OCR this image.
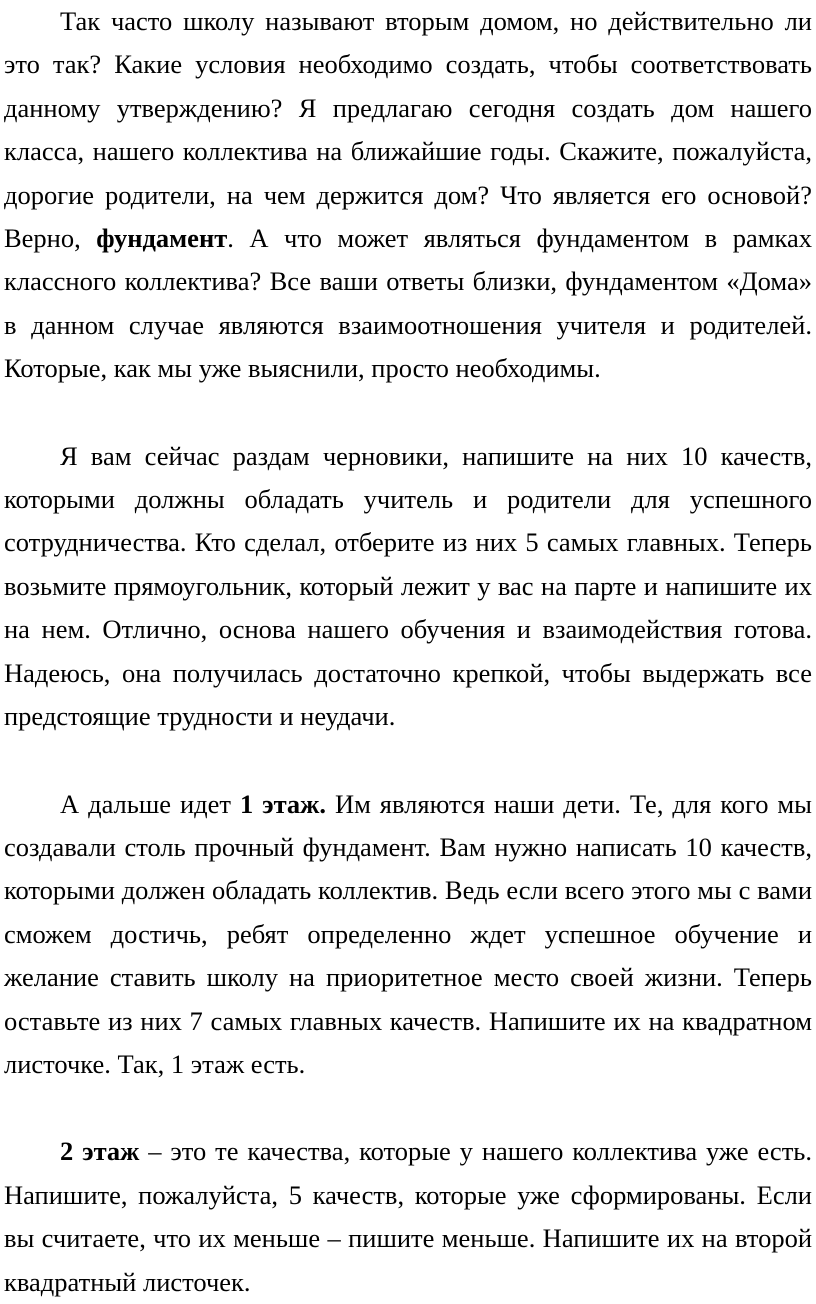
Так часто школу называют вторым домом, но действительно ли это так? Какие условия необходимо создать, чтобы соответствовать данному утверждению? Я предлагаю сегодня создать дом нашего класса, нашего коллектива на ближайшие годы. Скажите, пожалуйста, дорогие родители, на чем держится дом? Что является его основой? Верно, фундамент. А что может являться фундаментом в рамках классного коллектива? Все ваши ответы близки, фундаментом «Дома» в данном случае являются взаимоотношения учителя и родителей. Которые, как мы уже выяснили, просто необходимы.

Я вам сейчас раздам черновики, напишите на них 10 качеств, которыми должны обладать учитель и родители для успешного сотрудничества. Кто сделал, отберите из них 5 самых главных. Теперь возьмите прямоугольник, который лежит у вас на парте и напишите их на нем. Отлично, основа нашего обучения и взаимодействия готова. Надеюсь, она получилась достаточно крепкой, чтобы выдержать все предстоящие трудности и неудачи.

А дальше идет 1 этаж. Им являются наши дети. Те, для кого мы создавали столь прочный фундамент. Вам нужно написать 10 качеств, которыми должен обладать коллектив. Ведь если всего этого мы с вами сможем достичь, ребят определенно ждет успешное обучение и желание ставить школу на приоритетное место своей жизни. Теперь оставьте из них 7 самых главных качеств. Напишите их на квадратном листочке. Так, 1 этаж есть.

2 этаж – это те качества, которые у нашего коллектива уже есть. Напишите, пожалуйста, 5 качеств, которые уже сформированы. Если вы считаете, что их меньше – пишите меньше. Напишите их на второй квадратный листочек.
